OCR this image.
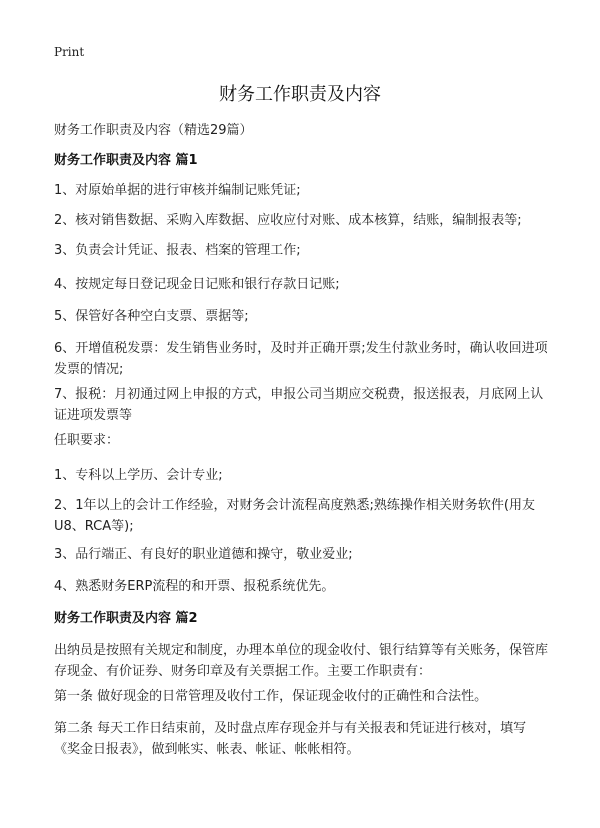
Print
财务工作职责及内容
财务工作职责及内容（精选29篇）
财务工作职责及内容 篇1
1、对原始单据的进行审核并编制记账凭证;
2、核对销售数据、采购入库数据、应收应付对账、成本核算，结账，编制报表等;
3、负责会计凭证、报表、档案的管理工作;
4、按规定每日登记现金日记账和银行存款日记账;
5、保管好各种空白支票、票据等;
6、开增值税发票：发生销售业务时，及时并正确开票;发生付款业务时，确认收回进项发票的情况;
7、报税：月初通过网上申报的方式，申报公司当期应交税费，报送报表，月底网上认证进项发票等
任职要求：
1、专科以上学历、会计专业;
2、1年以上的会计工作经验，对财务会计流程高度熟悉;熟练操作相关财务软件(用友U8、RCA等);
3、品行端正、有良好的职业道德和操守，敬业爱业;
4、熟悉财务ERP流程的和开票、报税系统优先。
财务工作职责及内容 篇2
出纳员是按照有关规定和制度，办理本单位的现金收付、银行结算等有关账务，保管库存现金、有价证券、财务印章及有关票据工作。主要工作职责有：
第一条 做好现金的日常管理及收付工作，保证现金收付的正确性和合法性。
第二条 每天工作日结束前，及时盘点库存现金并与有关报表和凭证进行核对，填写《奖金日报表》，做到帐实、帐表、帐证、帐帐相符。
